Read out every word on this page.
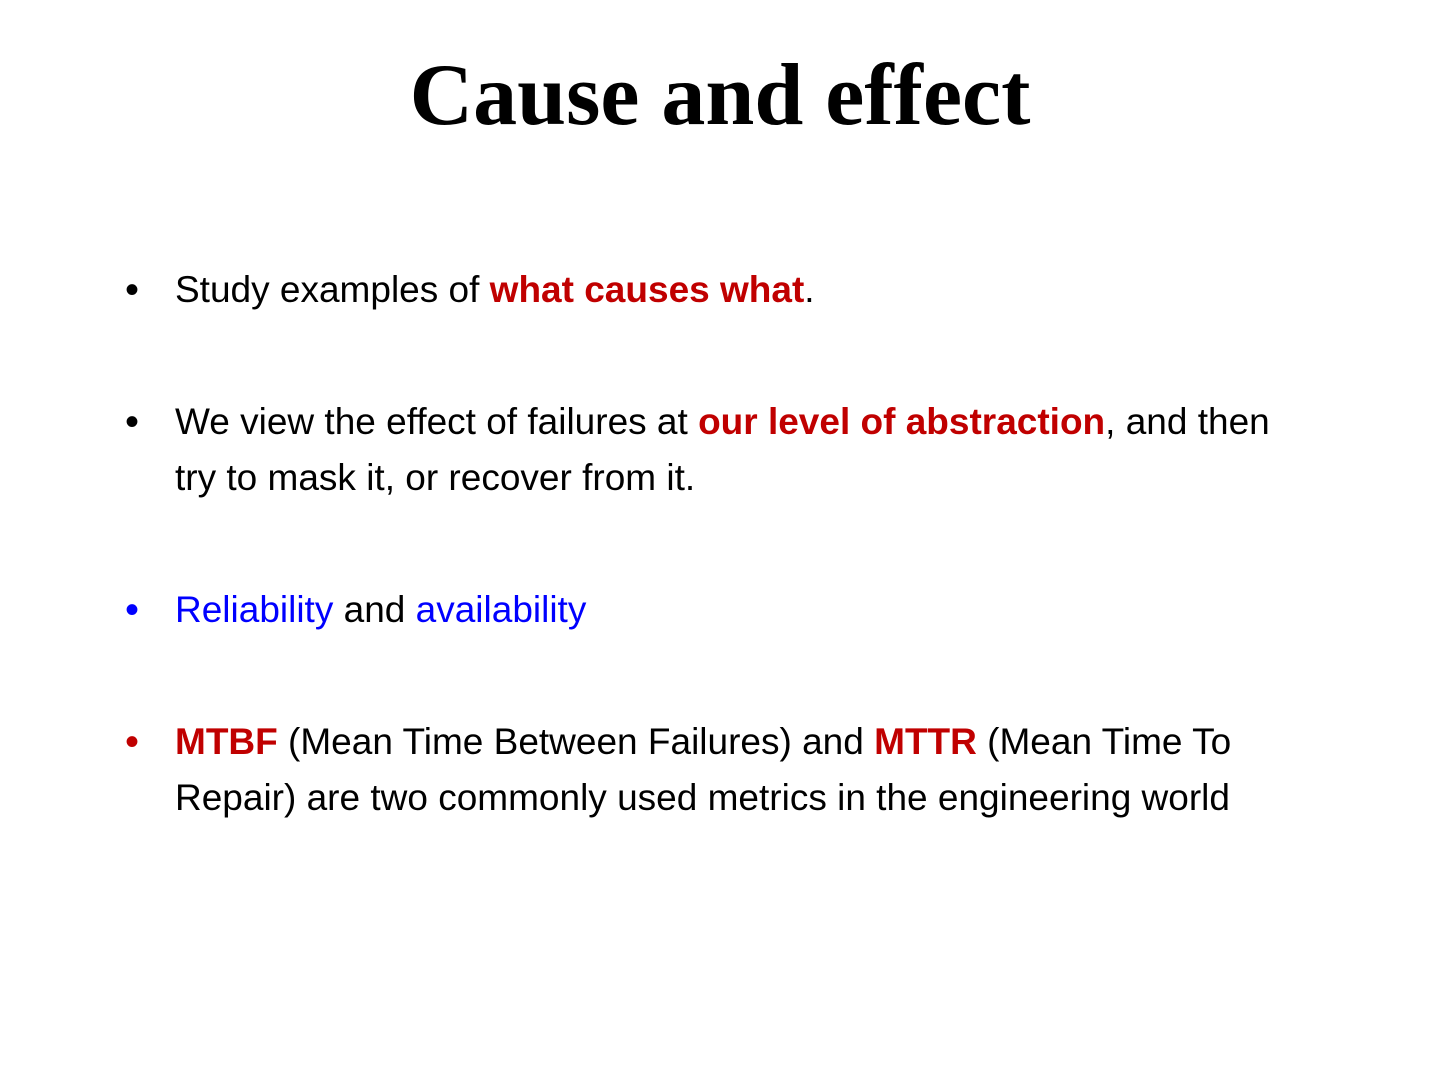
Cause and effect
• Study examples of what causes what.
• We view the effect of failures at our level of abstraction, and then try to mask it, or recover from it.
• Reliability and availability
• MTBF (Mean Time Between Failures) and MTTR (Mean Time To Repair) are two commonly used metrics in the engineering world
